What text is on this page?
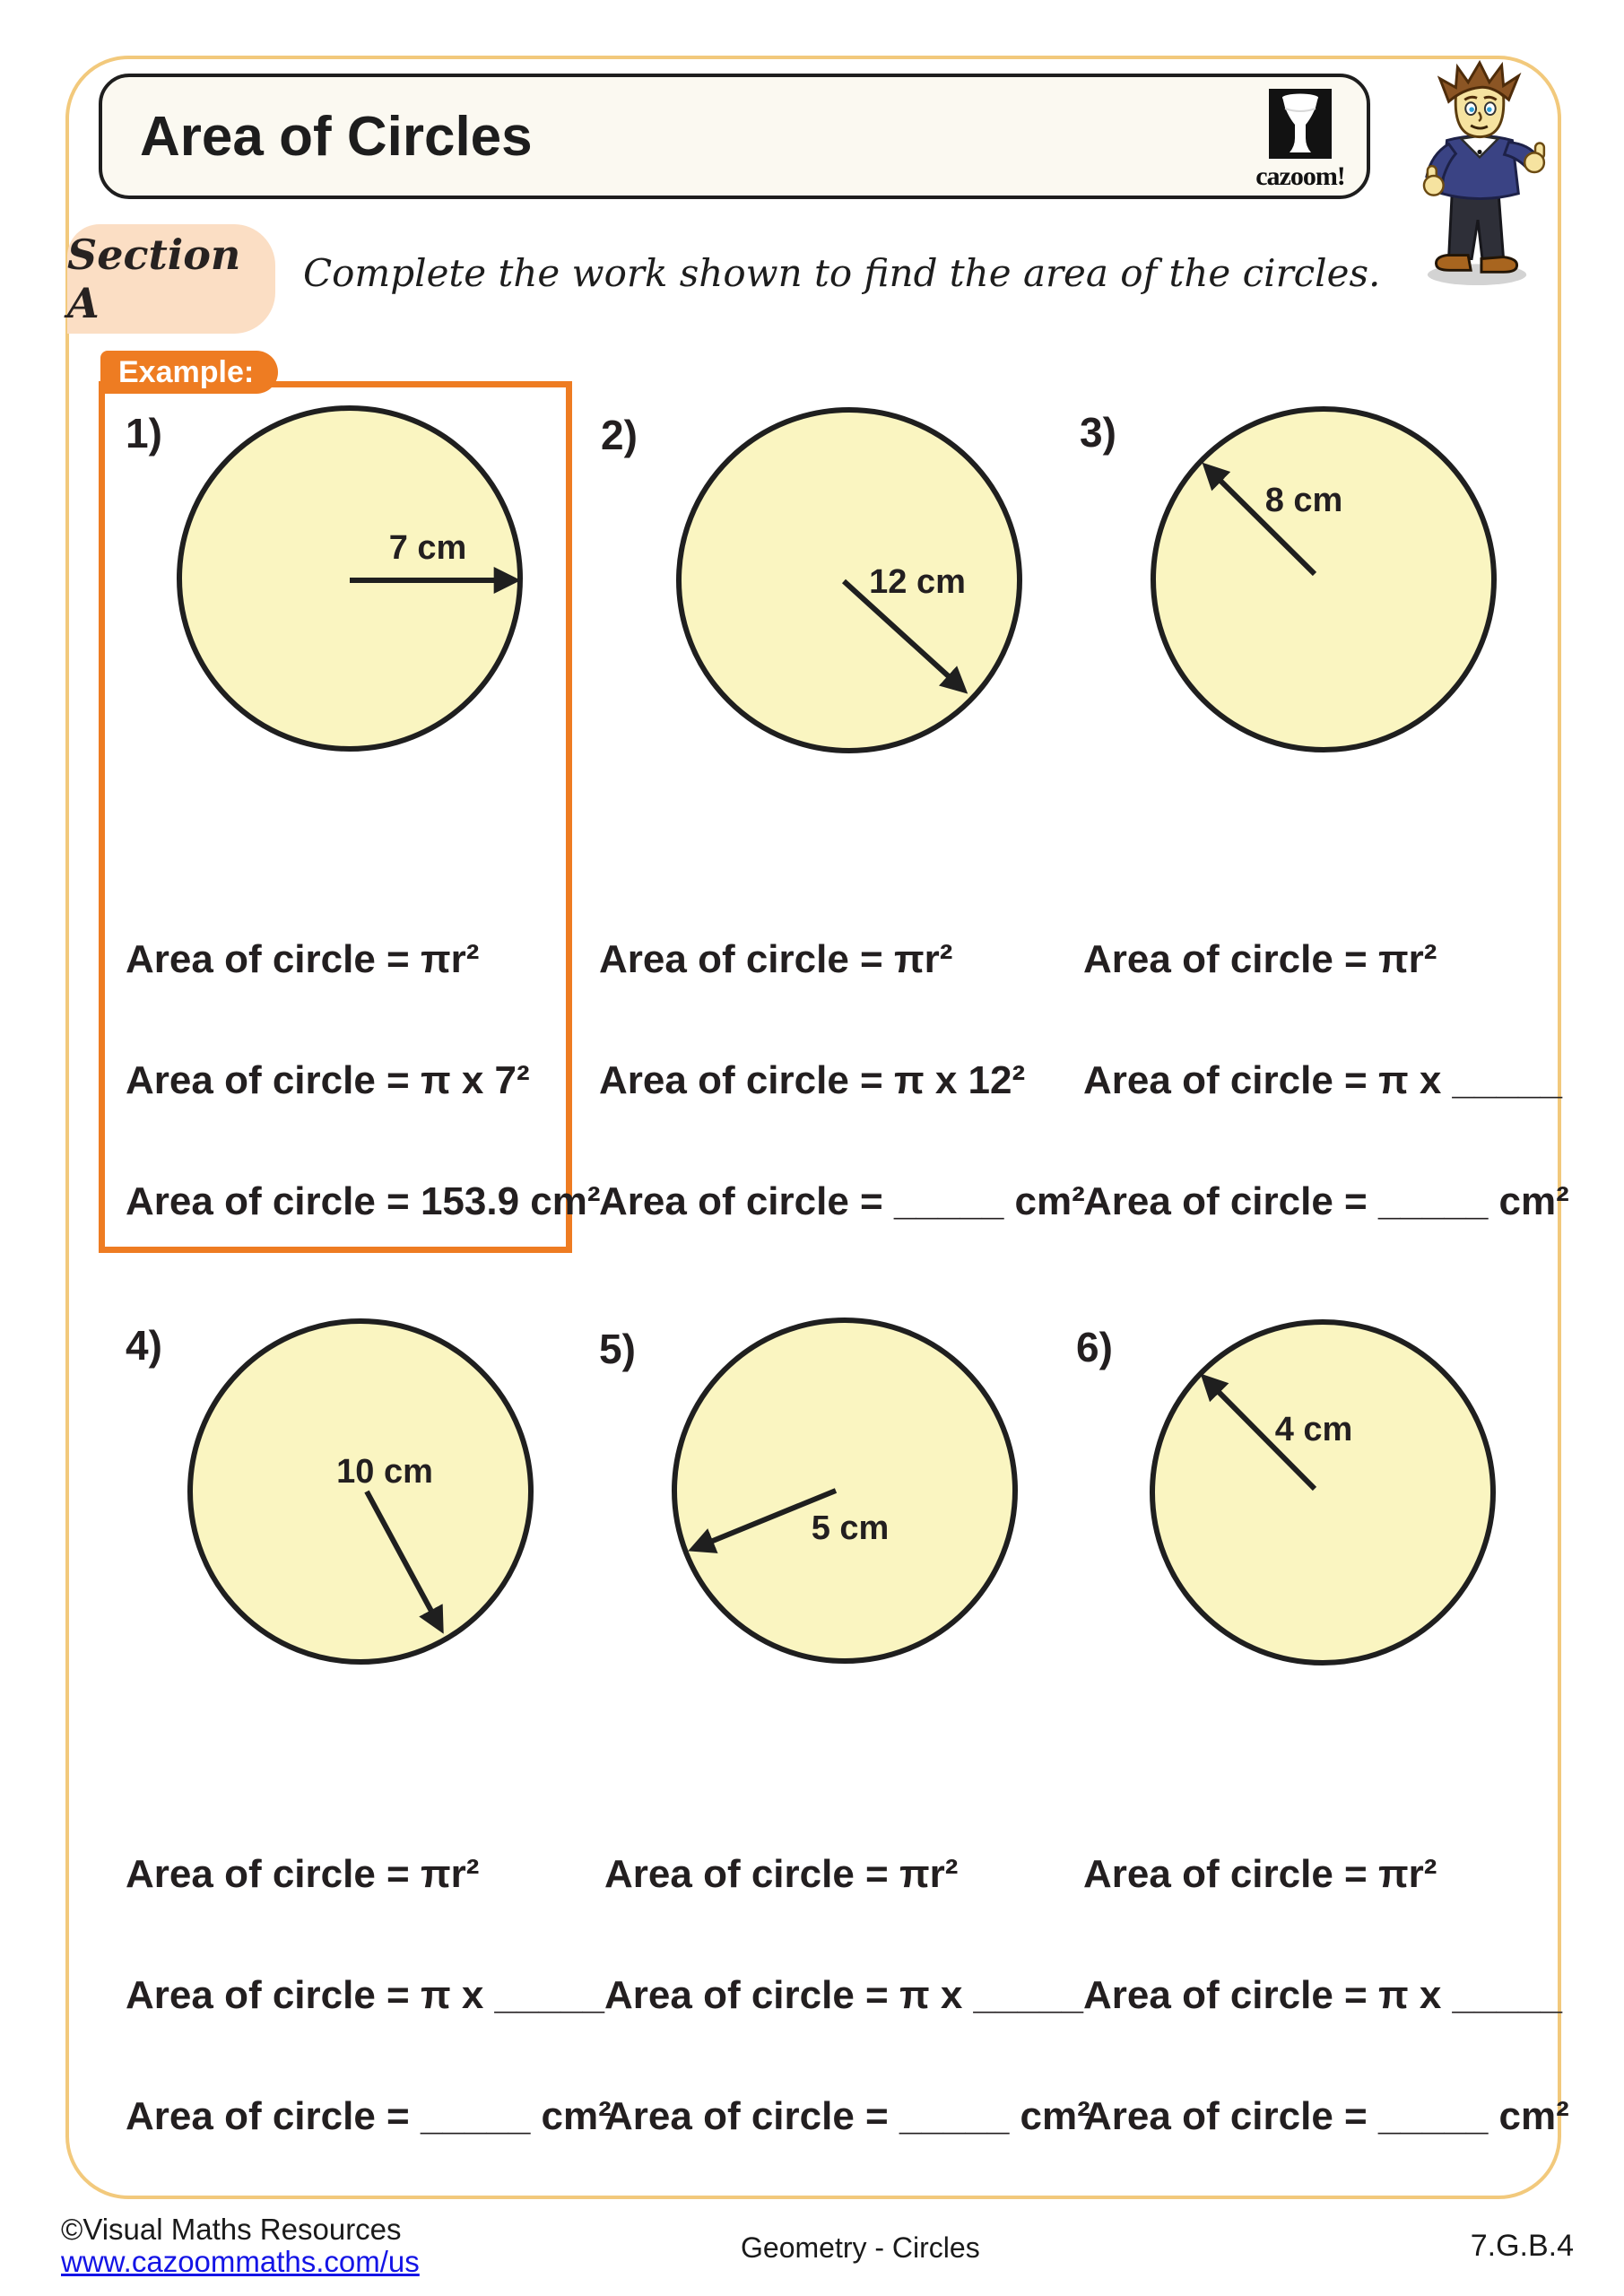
Area of Circles
cazoom!
Section A
Complete the work shown to find the area of the circles.
Example:
1)	2)	3)
4)	5)	6)
7 cm
12 cm
8 cm
10 cm
5 cm
4 cm
Area of circle = πr²
Area of circle = π x 7²
Area of circle = 153.9 cm²
Area of circle = πr²
Area of circle = π x 12²
Area of circle = _____ cm²
Area of circle = πr²
Area of circle = π x _____
Area of circle = _____ cm²
Area of circle = πr²
Area of circle = π x _____
Area of circle = _____ cm²
Area of circle = πr²
Area of circle = π x _____
Area of circle = _____ cm²
Area of circle = πr²
Area of circle = π x _____
Area of circle = _____ cm²
©Visual Maths Resources
www.cazoommaths.com/us	Geometry - Circles	7.G.B.4
